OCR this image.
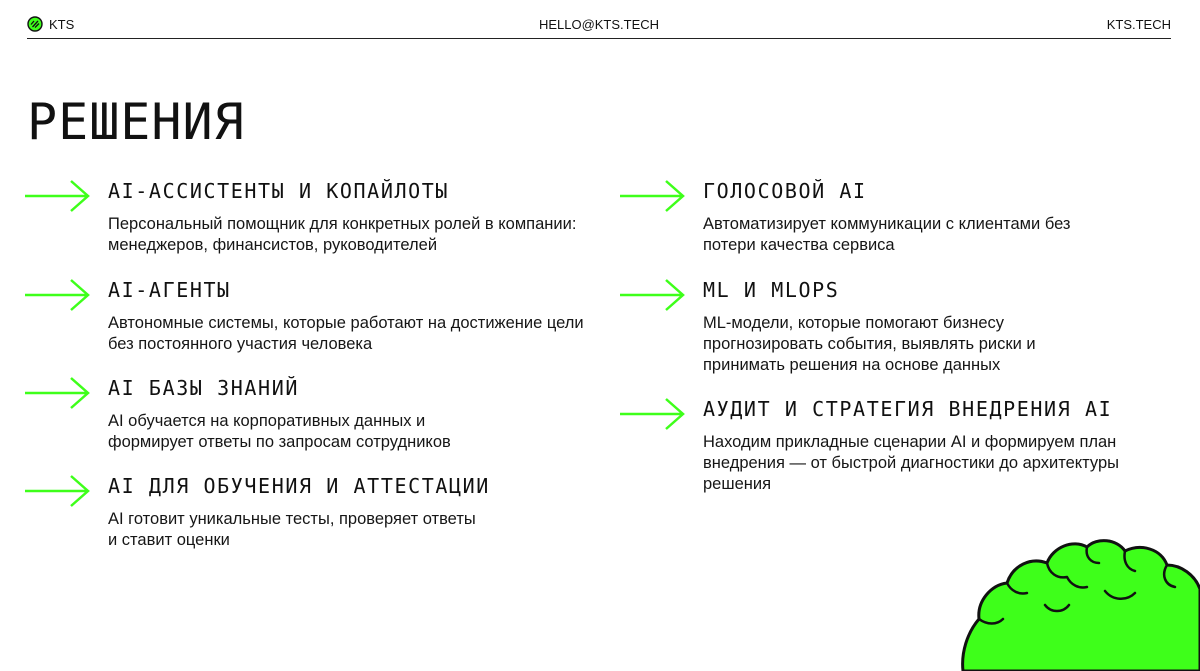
KTS	HELLO@KTS.TECH	KTS.TECH
РЕШЕНИЯ
AI-АССИСТЕНТЫ И КОПАЙЛОТЫ
Персональный помощник для конкретных ролей в компании: менеджеров, финансистов, руководителей
AI-АГЕНТЫ
Автономные системы, которые работают на достижение цели без постоянного участия человека
AI БАЗЫ ЗНАНИЙ
AI обучается на корпоративных данных и формирует ответы по запросам сотрудников
AI ДЛЯ ОБУЧЕНИЯ И АТТЕСТАЦИИ
AI готовит уникальные тесты, проверяет ответы и ставит оценки
ГОЛОСОВОЙ AI
Автоматизирует коммуникации с клиентами без потери качества сервиса
ML И MLOPS
ML-модели, которые помогают бизнесу прогнозировать события, выявлять риски и принимать решения на основе данных
АУДИТ И СТРАТЕГИЯ ВНЕДРЕНИЯ AI
Находим прикладные сценарии AI и формируем план внедрения — от быстрой диагностики до архитектуры решения
